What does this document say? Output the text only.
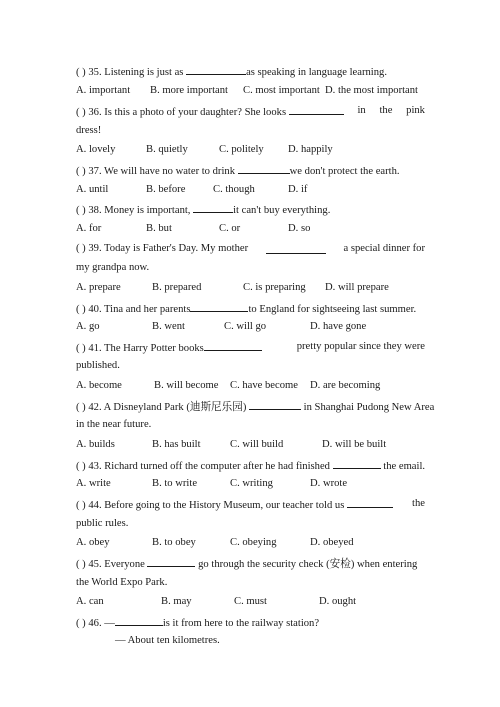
( ) 35. Listening is just as	as speaking in language learning.
A. important B. more important C. most important D. the most important
( ) 36. Is this a photo of your daughter? She looks	in the pink
dress!
A. lovely	B. quietly	C. politely D. happily
( ) 37. We will have no water to drink	we don't protect the earth.
A. until	B. before	C. though	D. if
( ) 38. Money is important,	it can't buy everything.
A. for	B. but	C. or	D. so
( ) 39. Today is Father's Day. My mother	a special dinner for
my grandpa now.
A. prepare	B. prepared	C. is preparing D. will prepare
( ) 40. Tina and her parents	to England for sightseeing last summer.
A. go	B. went	C. will go	D. have gone
( ) 41. The Harry Potter books	pretty popular since they were
published.
A. become	B. will become C. have become D. are becoming
( ) 42. A Disneyland Park (迪斯尼乐园)	in Shanghai Pudong New Area
in the near future.
A. builds	B. has built	C. will build	D. will be built
( ) 43. Richard turned off the computer after he had finished	the email.
A. write	B. to write	C. writing	D. wrote
( ) 44. Before going to the History Museum, our teacher told us	the
public rules.
A. obey	B. to obey	C. obeying	D. obeyed
( ) 45. Everyone	go through the security check (安检) when entering
the World Expo Park.
A. can	B. may	C. must	D. ought
( ) 46. —	is it from here to the railway station?
— About ten kilometres.
